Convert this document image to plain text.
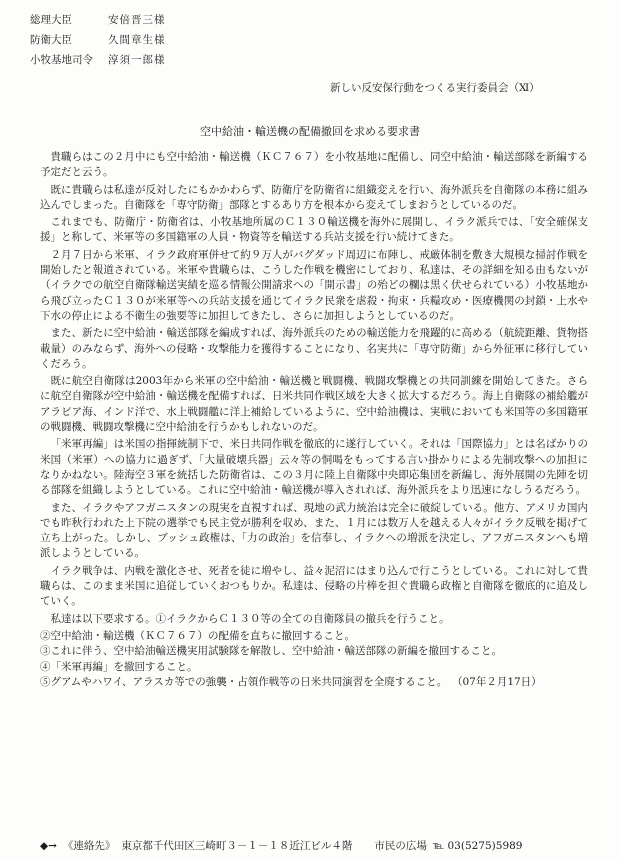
総理大臣	安倍晋三様
防衛大臣	久間章生様
小牧基地司令	淳須一郎様
新しい反安保行動をつくる実行委員会（Ⅺ）
空中給油・輸送機の配備撤回を求める要求書

貴職らはこの２月中にも空中給油・輸送機（ＫＣ７６７）を小牧基地に配備し、同空中給油・輸送部隊を新編する予定だと云う。

既に貴職らは私達が反対したにもかかわらず、防衛庁を防衛省に組織変えを行い、海外派兵を自衛隊の本務に組み込んでしまった。自衛隊を「専守防衛」部隊とするあり方を根本から変えてしまおうとしているのだ。

これまでも、防衛庁・防衛省は、小牧基地所属のＣ１３０輸送機を海外に展開し、イラク派兵では、「安全確保支援」と称して、米軍等の多国籍軍の人員・物資等を輸送する兵站支援を行い続けてきた。

２月７日から米軍、イラク政府軍併せて約９万人がバグダッド周辺に布陣し、戒厳体制を敷き大規模な掃討作戦を開始したと報道されている。米軍や貴職らは、こうした作戦を機密にしており、私達は、その詳細を知る由もないが（イラクでの航空自衛隊輸送実績を巡る情報公開請求への「開示書」の殆どの欄は黒く伏せられている）小牧基地から飛び立ったＣ１３０が米軍等への兵站支援を通じてイラク民衆を虐殺・拘束・兵糧攻め・医療機関の封鎖・上水や下水の停止による不衛生の強要等に加担してきたし、さらに加担しようとしているのだ。

また、新たに空中給油・輸送部隊を編成すれば、海外派兵のための輸送能力を飛躍的に高める（航続距離、貨物搭載量）のみならず、海外への侵略・攻撃能力を獲得することになり、名実共に「専守防衛」から外征軍に移行していくだろう。

既に航空自衛隊は2003年から米軍の空中給油・輸送機と戦闘機、戦闘攻撃機との共同訓練を開始してきた。さらに航空自衛隊が空中給油・輸送機を配備すれば、日米共同作戦区域を大きく拡大するだろう。海上自衛隊の補給艦がアラビア海、インド洋で、水上戦闘艦に洋上補給しているように、空中給油機は、実戦においても米国等の多国籍軍の戦闘機、戦闘攻撃機に空中給油を行うかもしれないのだ。

「米軍再編」は米国の指揮統制下で、米日共同作戦を徹底的に遂行していく。それは「国際協力」とは名ばかりの米国（米軍）への協力に過ぎず、「大量破壊兵器」云々等の恫喝をもってする言い掛かりによる先制攻撃への加担になりかねない。陸海空３軍を統括した防衛省は、この３月に陸上自衛隊中央即応集団を新編し、海外展開の先陣を切る部隊を組織しようとしている。これに空中給油・輸送機が導入されれば、海外派兵をより迅速になしうるだろう。

また、イラクやアフガニスタンの現実を直視すれば、現地の武力統治は完全に破綻している。他方、アメリカ国内でも昨秋行われた上下院の選挙でも民主党が勝利を収め、また、１月には数万人を越える人々がイラク反戦を掲げて立ち上がった。しかし、ブッシュ政権は、「力の政治」を信奉し、イラクへの増派を決定し、アフガニスタンへも増派しようとしている。

イラク戦争は、内戦を激化させ、死者を徒に増やし、益々泥沼にはまり込んで行こうとしている。これに対して貴職らは、このまま米国に追従していくおつもりか。私達は、侵略の片棒を担ぐ貴職ら政権と自衛隊を徹底的に追及していく。

私達は以下要求する。①イラクからＣ１３０等の全ての自衛隊員の撤兵を行うこと。

②空中給油・輸送機（ＫＣ７６７）の配備を直ちに撤回すること。
③これに伴う、空中給油輸送機実用試験隊を解散し、空中給油・輸送部隊の新編を撤回すること。
④「米軍再編」を撤回すること。
⑤グアムやハワイ、アラスカ等での強襲・占領作戦等の日米共同演習を全廃すること。 （07年２月17日）
◆→ 《連絡先》 東京都千代田区三崎町３－１－１８近江ビル４階 市民の広場 ℡ 03(5275)5989
